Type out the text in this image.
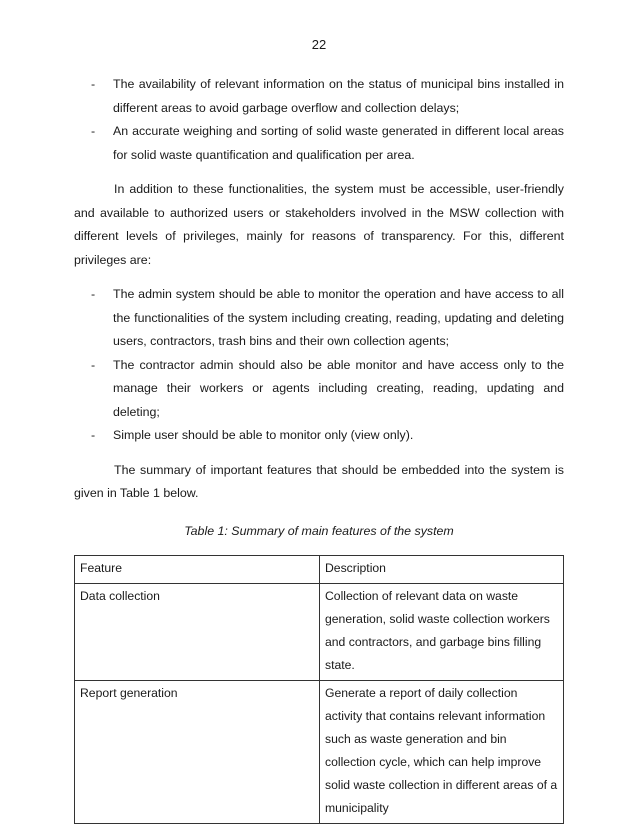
22
-	The availability of relevant information on the status of municipal bins installed in different areas to avoid garbage overflow and collection delays;
-	An accurate weighing and sorting of solid waste generated in different local areas for solid waste quantification and qualification per area.

In addition to these functionalities, the system must be accessible, user-friendly and available to authorized users or stakeholders involved in the MSW collection with different levels of privileges, mainly for reasons of transparency. For this, different privileges are:

-	The admin system should be able to monitor the operation and have access to all the functionalities of the system including creating, reading, updating and deleting users, contractors, trash bins and their own collection agents;
-	The contractor admin should also be able monitor and have access only to the manage their workers or agents including creating, reading, updating and deleting;
-	Simple user should be able to monitor only (view only).

The summary of important features that should be embedded into the system is given in Table 1 below.

Table 1: Summary of main features of the system
Feature	Description
Data collection	Collection of relevant data on waste generation, solid waste collection workers and contractors, and garbage bins filling state.
Report generation	Generate a report of daily collection activity that contains relevant information such as waste generation and bin collection cycle, which can help improve solid waste collection in different areas of a municipality
